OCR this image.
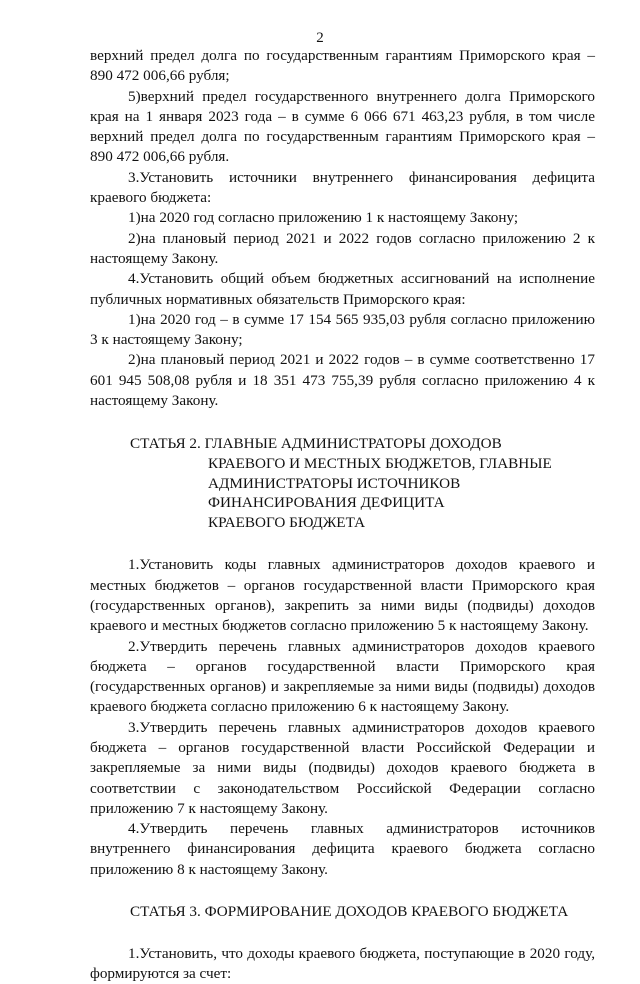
2

верхний предел долга по государственным гарантиям Приморского края – 890 472 006,66 рубля;

5)верхний предел государственного внутреннего долга Приморского края на 1 января 2023 года – в сумме 6 066 671 463,23 рубля, в том числе верхний предел долга по государственным гарантиям Приморского края – 890 472 006,66 рубля.

3.Установить источники внутреннего финансирования дефицита краевого бюджета:

1)на 2020 год согласно приложению 1 к настоящему Закону;

2)на плановый период 2021 и 2022 годов согласно приложению 2 к настоящему Закону.

4.Установить общий объем бюджетных ассигнований на исполнение публичных нормативных обязательств Приморского края:

1)на 2020 год – в сумме 17 154 565 935,03 рубля согласно приложению 3 к настоящему Закону;

2)на плановый период 2021 и 2022 годов – в сумме соответственно 17 601 945 508,08 рубля и 18 351 473 755,39 рубля согласно приложению 4 к настоящему Закону.

СТАТЬЯ 2. ГЛАВНЫЕ АДМИНИСТРАТОРЫ ДОХОДОВ
КРАЕВОГО И МЕСТНЫХ БЮДЖЕТОВ, ГЛАВНЫЕ
АДМИНИСТРАТОРЫ ИСТОЧНИКОВ
ФИНАНСИРОВАНИЯ ДЕФИЦИТА
КРАЕВОГО БЮДЖЕТА

1.Установить коды главных администраторов доходов краевого и местных бюджетов – органов государственной власти Приморского края (государственных органов), закрепить за ними виды (подвиды) доходов краевого и местных бюджетов согласно приложению 5 к настоящему Закону.

2.Утвердить перечень главных администраторов доходов краевого бюджета – органов государственной власти Приморского края (государственных органов) и закрепляемые за ними виды (подвиды) доходов краевого бюджета согласно приложению 6 к настоящему Закону.

3.Утвердить перечень главных администраторов доходов краевого бюджета – органов государственной власти Российской Федерации и закрепляемые за ними виды (подвиды) доходов краевого бюджета в соответствии с законодательством Российской Федерации согласно приложению 7 к настоящему Закону.

4.Утвердить перечень главных администраторов источников внутреннего финансирования дефицита краевого бюджета согласно приложению 8 к настоящему Закону.

СТАТЬЯ 3. ФОРМИРОВАНИЕ ДОХОДОВ КРАЕВОГО БЮДЖЕТА

1.Установить, что доходы краевого бюджета, поступающие в 2020 году, формируются за счет:
